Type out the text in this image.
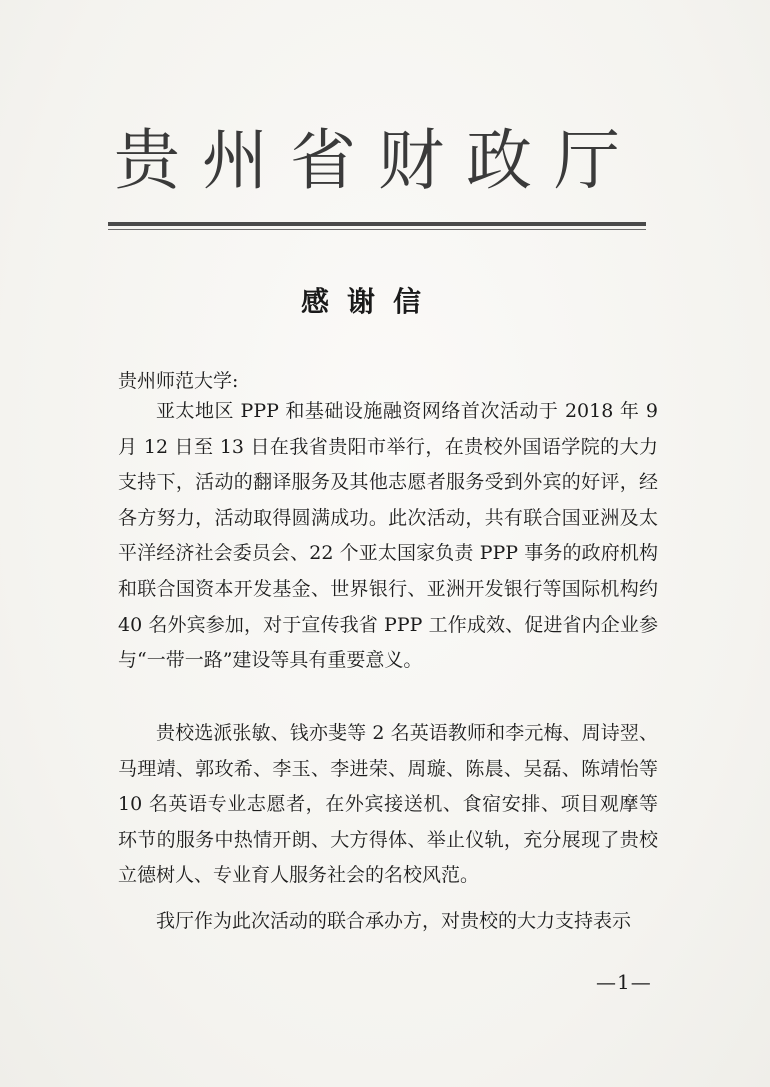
贵州省财政厅
感谢信
贵州师范大学:

亚太地区 PPP 和基础设施融资网络首次活动于 2018 年 9 月 12 日至 13 日在我省贵阳市举行，在贵校外国语学院的大力支持下，活动的翻译服务及其他志愿者服务受到外宾的好评，经各方努力，活动取得圆满成功。此次活动，共有联合国亚洲及太平洋经济社会委员会、22 个亚太国家负责 PPP 事务的政府机构和联合国资本开发基金、世界银行、亚洲开发银行等国际机构约 40 名外宾参加，对于宣传我省 PPP 工作成效、促进省内企业参与“一带一路”建设等具有重要意义。

贵校选派张敏、钱亦斐等 2 名英语教师和李元梅、周诗翌、马理靖、郭玫希、李玉、李进荣、周璇、陈晨、吴磊、陈靖怡等 10 名英语专业志愿者，在外宾接送机、食宿安排、项目观摩等环节的服务中热情开朗、大方得体、举止仪轨，充分展现了贵校立德树人、专业育人服务社会的名校风范。

我厅作为此次活动的联合承办方，对贵校的大力支持表示

—1—
